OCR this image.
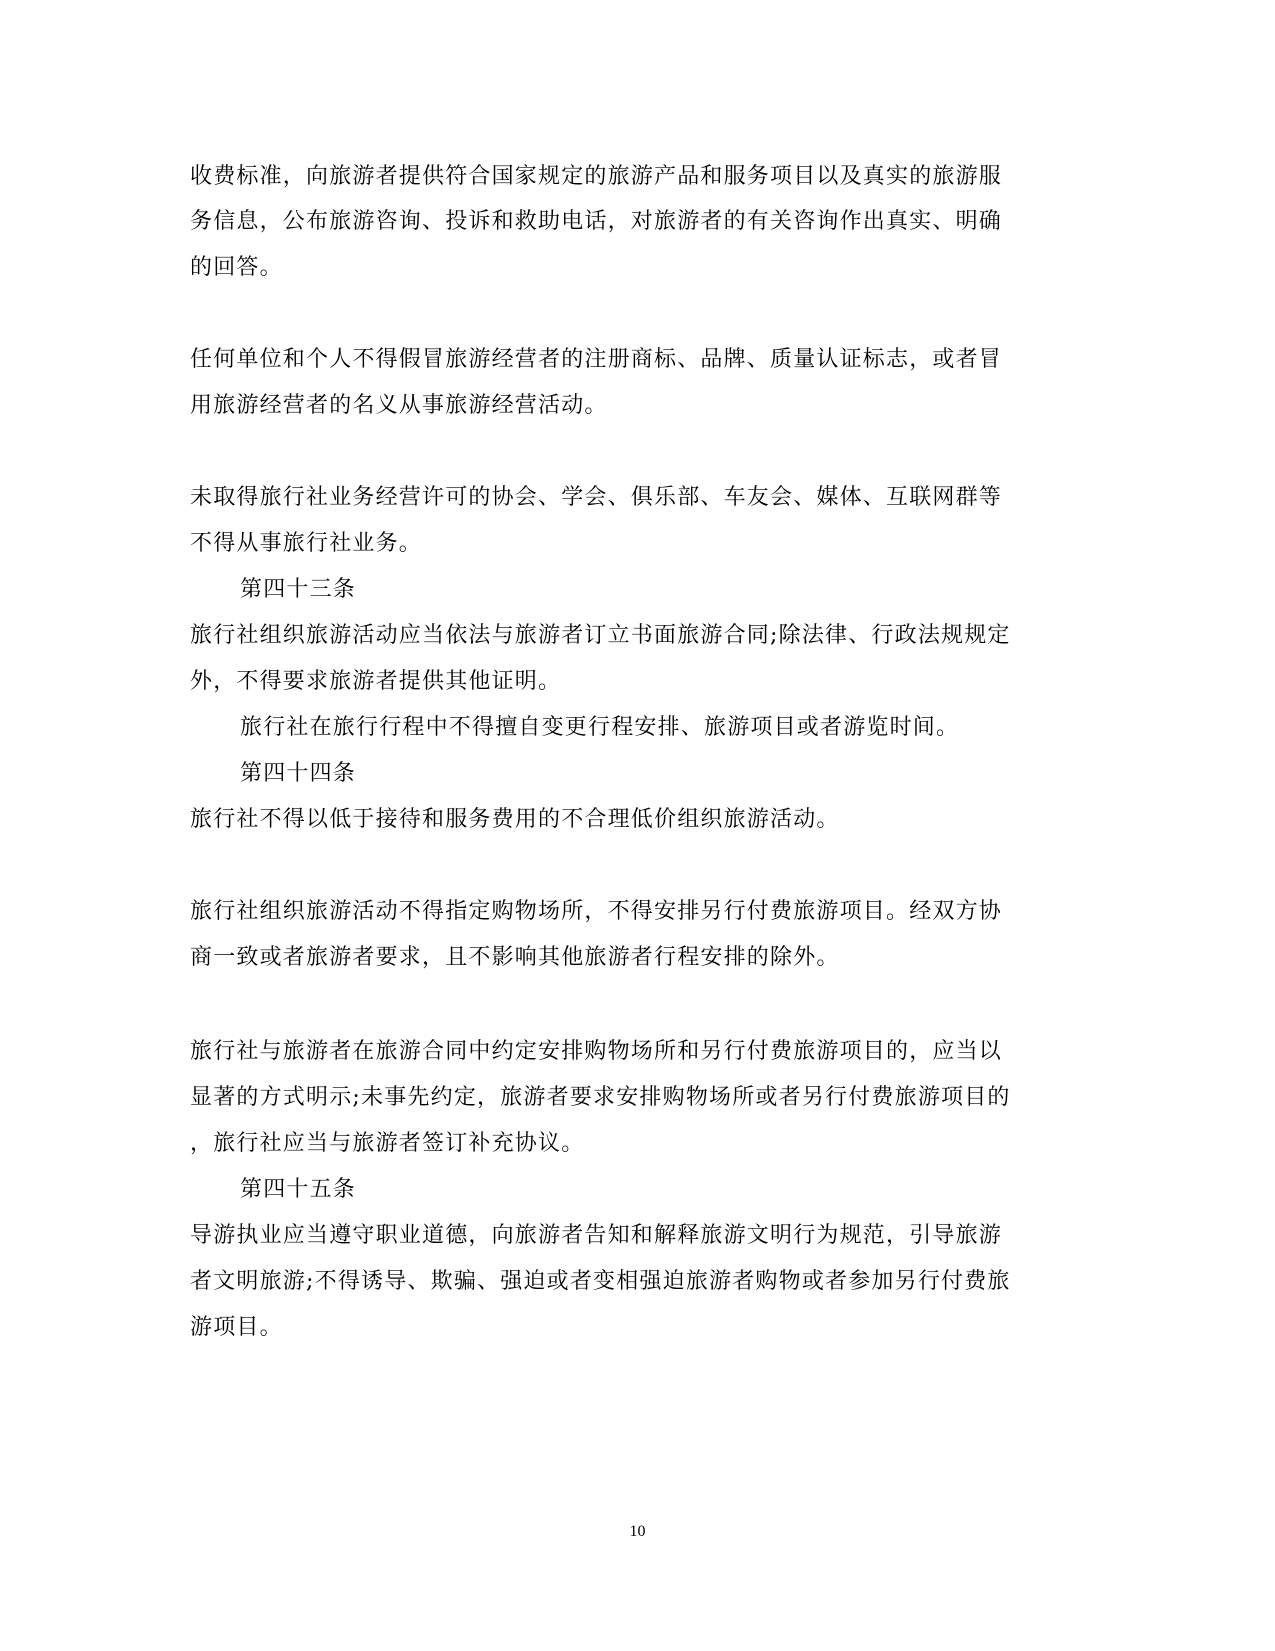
收费标准，向旅游者提供符合国家规定的旅游产品和服务项目以及真实的旅游服

务信息，公布旅游咨询、投诉和救助电话，对旅游者的有关咨询作出真实、明确

的回答。

任何单位和个人不得假冒旅游经营者的注册商标、品牌、质量认证标志，或者冒

用旅游经营者的名义从事旅游经营活动。

未取得旅行社业务经营许可的协会、学会、俱乐部、车友会、媒体、互联网群等

不得从事旅行社业务。

第四十三条

旅行社组织旅游活动应当依法与旅游者订立书面旅游合同;除法律、行政法规规定

外，不得要求旅游者提供其他证明。

旅行社在旅行行程中不得擅自变更行程安排、旅游项目或者游览时间。

第四十四条

旅行社不得以低于接待和服务费用的不合理低价组织旅游活动。

旅行社组织旅游活动不得指定购物场所，不得安排另行付费旅游项目。经双方协

商一致或者旅游者要求，且不影响其他旅游者行程安排的除外。

旅行社与旅游者在旅游合同中约定安排购物场所和另行付费旅游项目的，应当以

显著的方式明示;未事先约定，旅游者要求安排购物场所或者另行付费旅游项目的

，旅行社应当与旅游者签订补充协议。

第四十五条

导游执业应当遵守职业道德，向旅游者告知和解释旅游文明行为规范，引导旅游

者文明旅游;不得诱导、欺骗、强迫或者变相强迫旅游者购物或者参加另行付费旅

游项目。

10
